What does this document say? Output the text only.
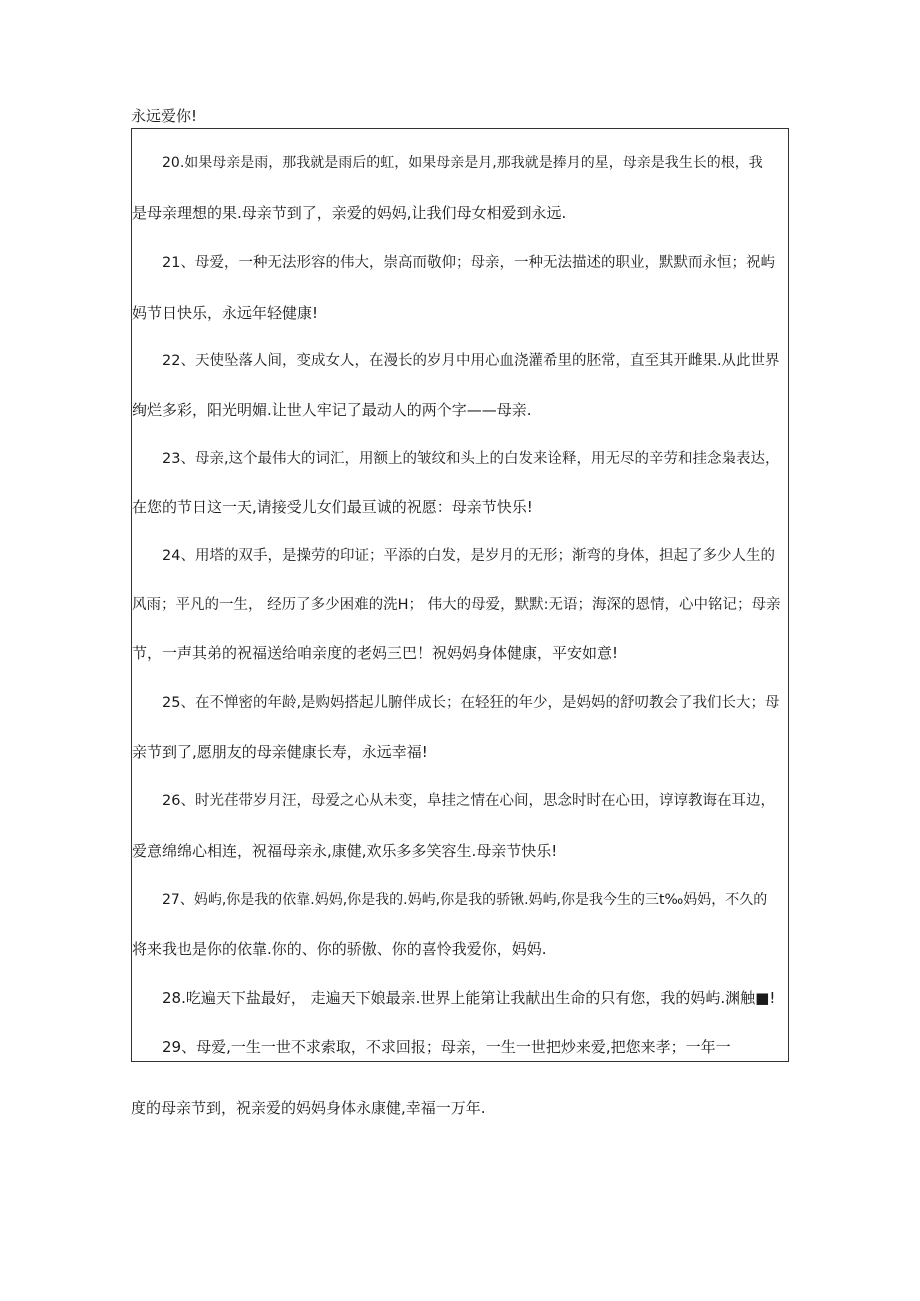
永远爱你!
20.如果母亲是雨，那我就是雨后的虹，如果母亲是月,那我就是捧月的星，母亲是我生长的根，我
是母亲理想的果.母亲节到了，亲爱的妈妈,让我们母女相爱到永远.
21、母爱，一种无法形容的伟大，崇高而敬仰；母亲，一种无法描述的职业，默默而永恒；祝屿
妈节日快乐，永远年轻健康!
22、天使坠落人间，变成女人，在漫长的岁月中用心血浇灌希里的胚常，直至其开雌果.从此世界
绚烂多彩，阳光明媚.让世人牢记了最动人的两个字——母亲.
23、母亲,这个最伟大的词汇，用额上的皱纹和头上的白发来诠释，用无尽的辛劳和挂念枭表达，
在您的节日这一天,请接受儿女们最亘诚的祝愿：母亲节快乐!
24、用塔的双手，是操劳的印证；平添的白发，是岁月的无形；渐弯的身体，担起了多少人生的
风雨；平凡的一生， 经历了多少困难的洗H； 伟大的母爱，默默:无语；海深的恩情，心中铭记；母亲
节，一声其弟的祝福送给咱亲度的老妈三巴！祝妈妈身体健康，平安如意!
25、在不惮密的年龄,是购妈搭起儿腑伴成长；在轻狂的年少，是妈妈的舒叨教会了我们长大；母
亲节到了,愿朋友的母亲健康长寿，永远幸福!
26、时光荏带岁月汪，母爱之心从未变，阜挂之情在心间，思念时时在心田，谆谆教诲在耳边，
爱意绵绵心相连，祝福母亲永,康健,欢乐多多笑容生.母亲节快乐!
27、妈屿,你是我的依靠.妈妈,你是我的.妈屿,你是我的骄锹.妈屿,你是我今生的三t‰妈妈，不久的
将来我也是你的依靠.你的、你的骄傲、你的喜怜我爱你，妈妈.
28.吃遍天下盐最好， 走遍天下娘最亲.世界上能第让我献出生命的只有您，我的妈屿.渊触■!
29、母爱,一生一世不求索取，不求回报；母亲，一生一世把炒来爱,把您来孝；一年一
度的母亲节到，祝亲爱的妈妈身体永康健,幸福一万年.
